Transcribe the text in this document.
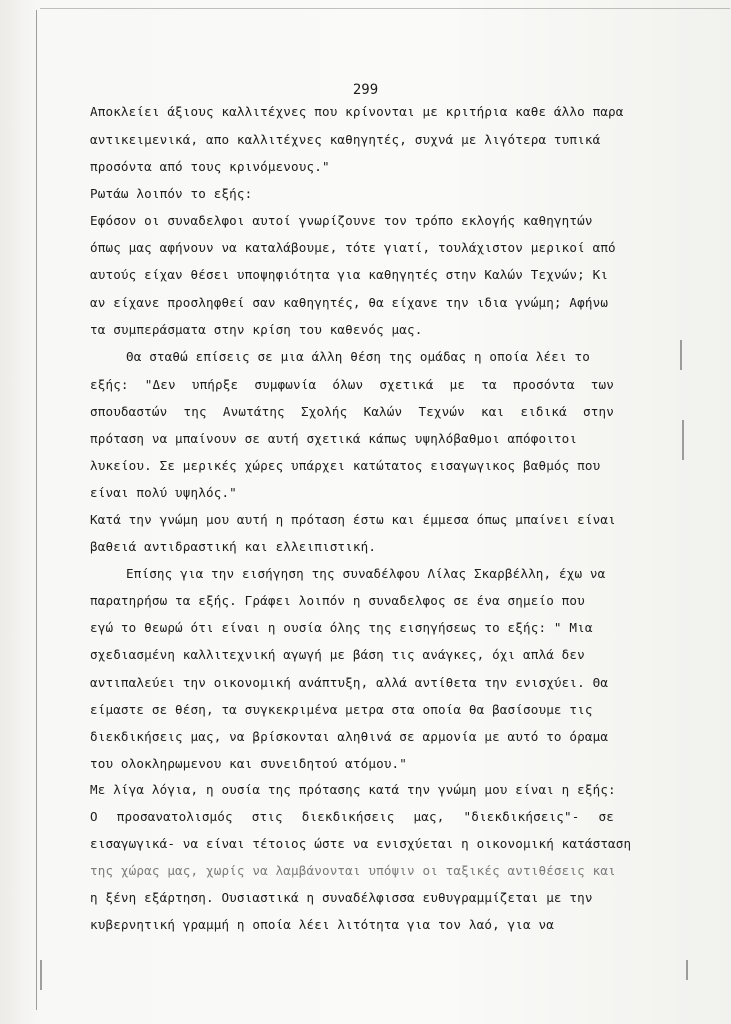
299
Αποκλείει άξιους καλλιτέχνες που κρίνονται με κριτήρια καθε άλλο παρα
αντικειμενικά, απο καλλιτέχνες καθηγητές, συχνά με λιγότερα τυπικά
προσόντα από τους κρινόμενους."
Ρωτάω λοιπόν το εξής:
Εφόσον οι συναδελφοι αυτοί γνωρίζουνε τον τρόπο εκλογής καθηγητών
όπως μας αφήνουν να καταλάβουμε, τότε γιατί, τουλάχιστον μερικοί από
αυτούς είχαν θέσει υποψηφιότητα για καθηγητές στην Καλών Τεχνών; Κι
αν είχανε προσληφθεί σαν καθηγητές, θα είχανε την ιδια γνώμη; Αφήνω
τα συμπεράσματα στην κρίση του καθενός μας.
Θα σταθώ επίσεις σε μια άλλη θέση της ομάδας η οποία λέει το
εξής: "Δεν υπήρξε συμφωνία όλων σχετικά με τα προσόντα των
σπουδαστών της Ανωτάτης Σχολής Καλών Τεχνών και ειδικά στην
πρόταση να μπαίνουν σε αυτή σχετικά κάπως υψηλόβαθμοι απόφοιτοι
λυκείου. Σε μερικές χώρες υπάρχει κατώτατος εισαγωγικος βαθμός που
είναι πολύ υψηλός."
Κατά την γνώμη μου αυτή η πρόταση έστω και έμμεσα όπως μπαίνει είναι
βαθειά αντιδραστική και ελλειπιστική.
Επίσης για την εισήγηση της συναδέλφου Λίλας Σκαρβέλλη, έχω να
παρατηρήσω τα εξής. Γράφει λοιπόν η συναδελφος σε ένα σημείο που
εγώ το θεωρώ ότι είναι η ουσία όλης της εισηγήσεως το εξής: " Μια
σχεδιασμένη καλλιτεχνική αγωγή με βάση τις ανάγκες, όχι απλά δεν
αντιπαλεύει την οικονομική ανάπτυξη, αλλά αντίθετα την ενισχύει. Θα
είμαστε σε θέση, τα συγκεκριμένα μετρα στα οποία θα βασίσουμε τις
διεκδικήσεις μας, να βρίσκονται αληθινά σε αρμονία με αυτό το όραμα
του ολοκληρωμενου και συνειδητού ατόμου."
Με λίγα λόγια, η ουσία της πρότασης κατά την γνώμη μου είναι η εξής:
Ο προσανατολισμός στις διεκδικήσεις μας, "διεκδικήσεις"- σε
εισαγωγικά- να είναι τέτοιος ώστε να ενισχύεται η οικονομική κατάσταση
της χώρας μας, χωρίς να λαμβάνονται υπόψιν οι ταξικές αντιθέσεις και
η ξένη εξάρτηση. Ουσιαστικά η συναδέλφισσα ευθυγραμμίζεται με την
κυβερνητική γραμμή η οποία λέει λιτότητα για τον λαό, για να
